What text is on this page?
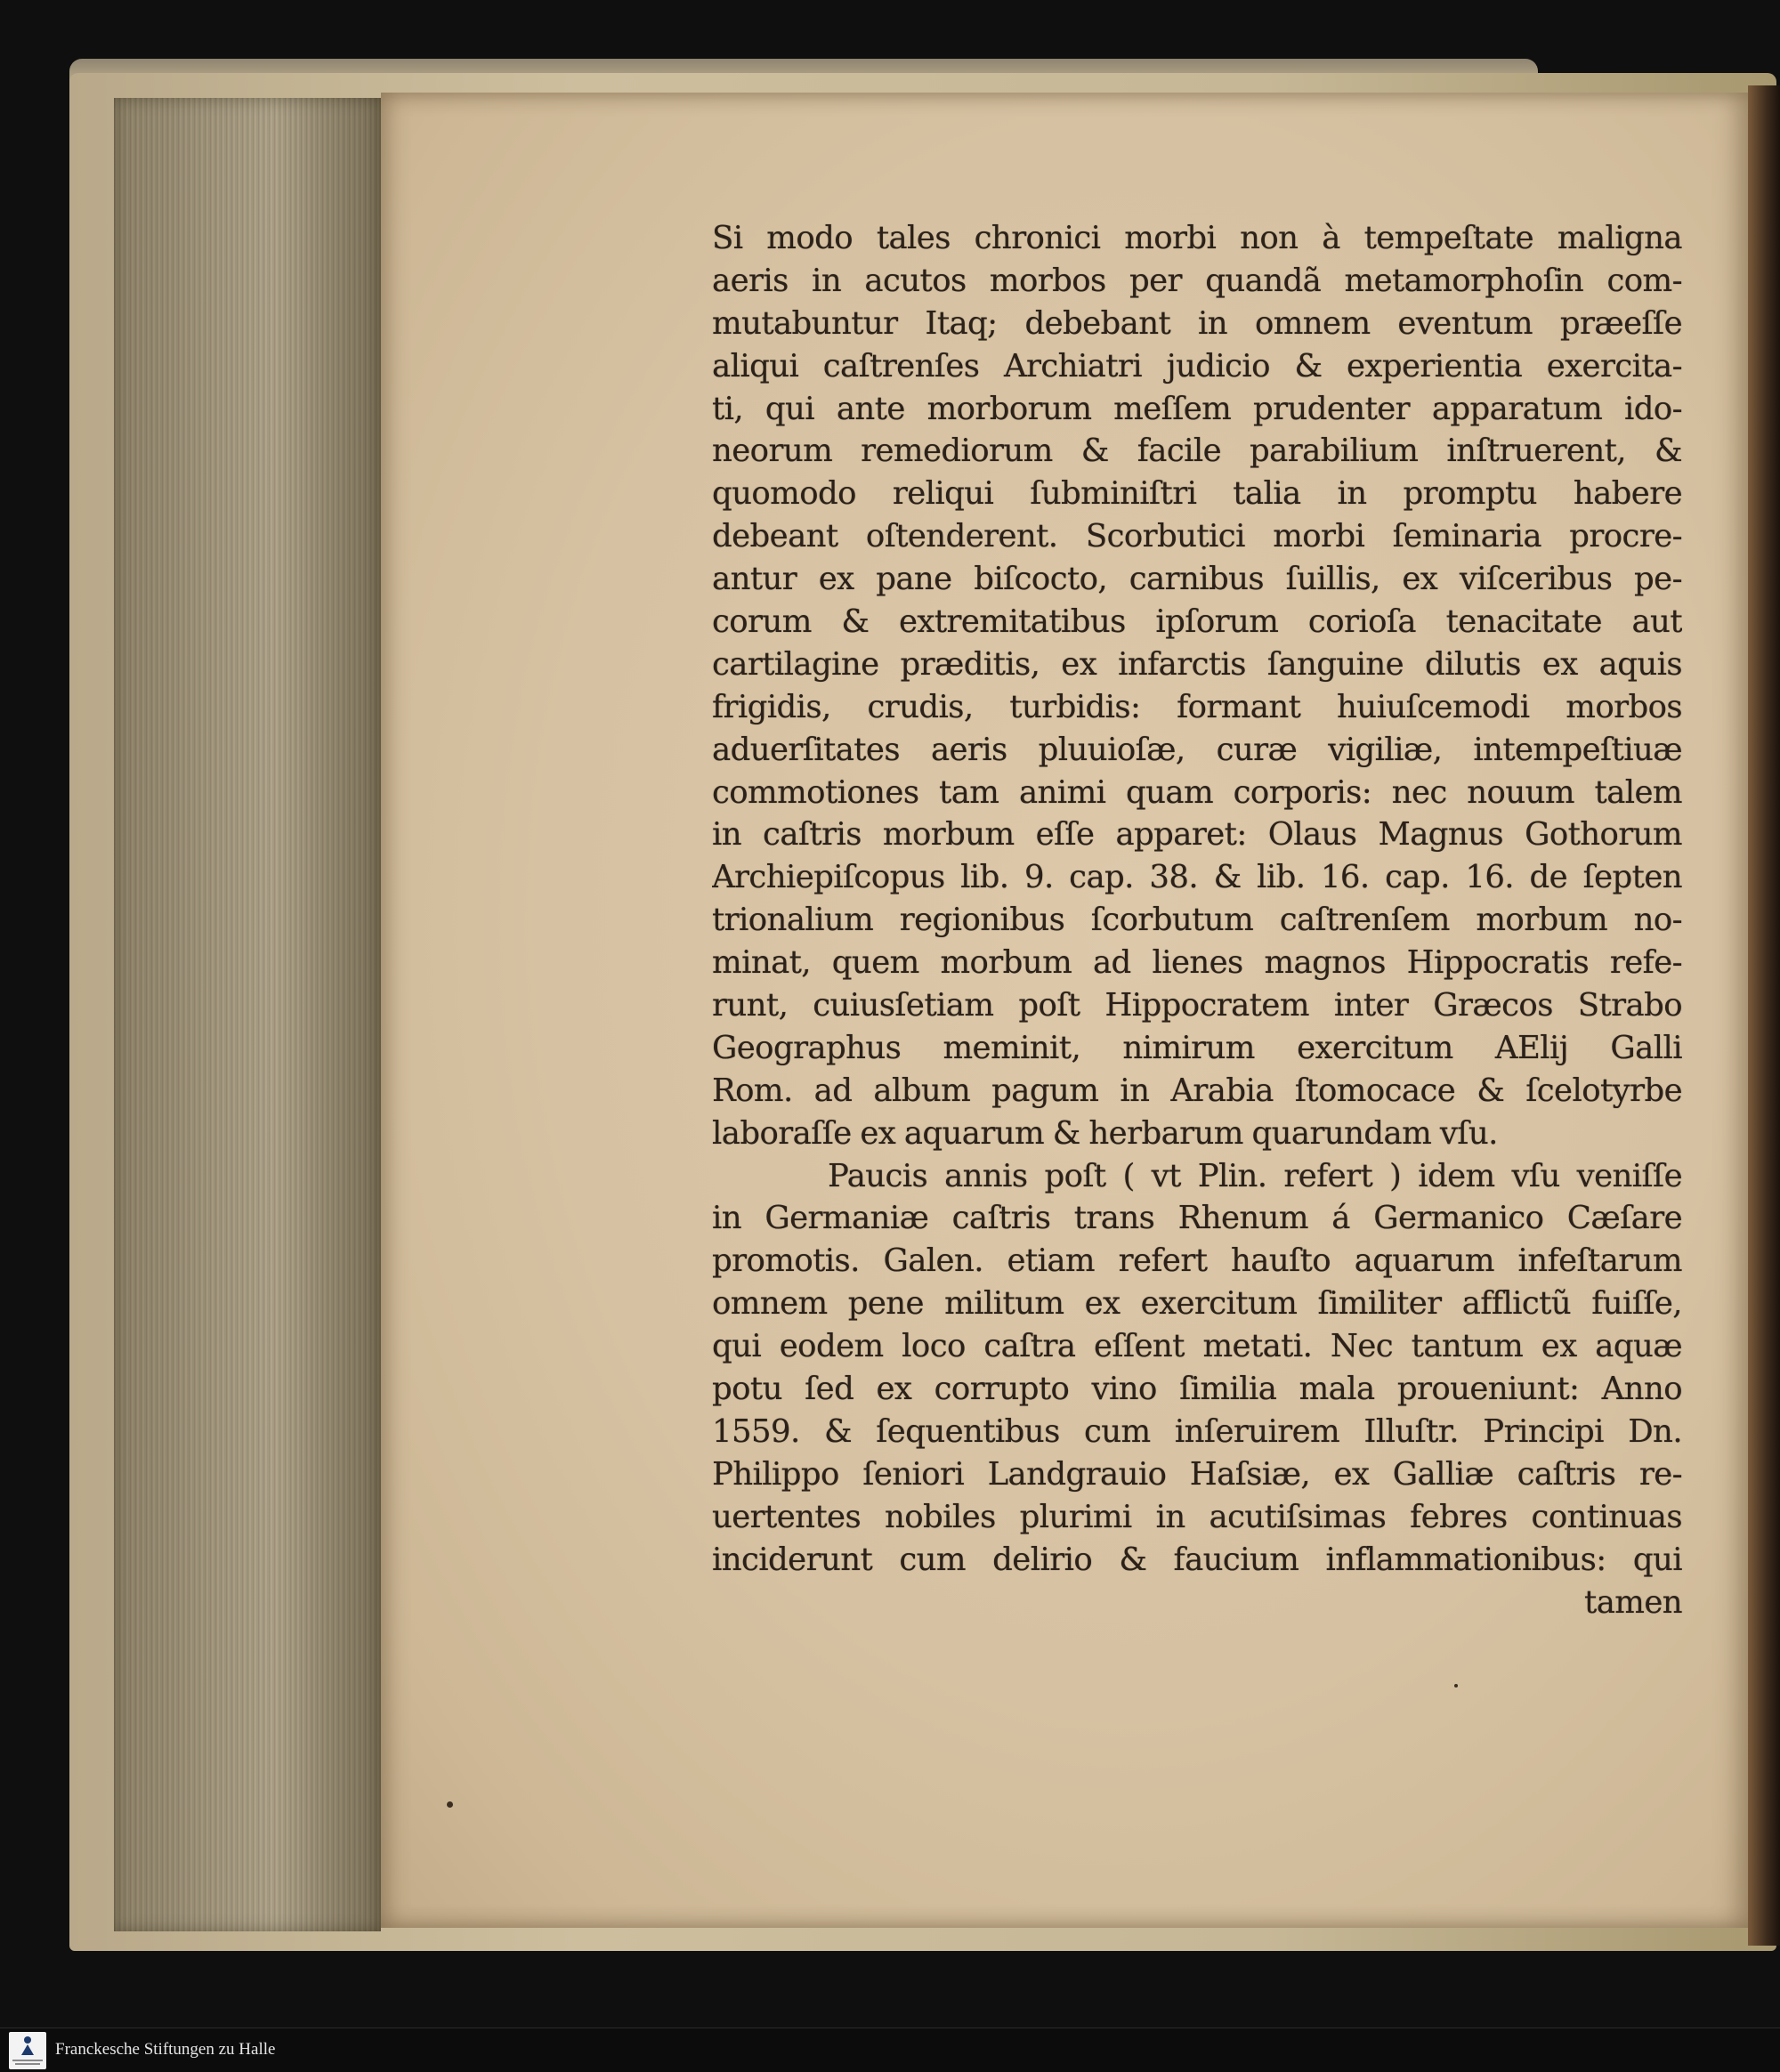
Si modo tales chronici morbi non à tempeſtate maligna
aeris in acutos morbos per quandã metamorphoſin com-
mutabuntur Itaq; debebant in omnem eventum præeſſe
aliqui caſtrenſes Archiatri judicio & experientia exercita-
ti, qui ante morborum meſſem prudenter apparatum ido-
neorum remediorum & facile parabilium inſtruerent, &
quomodo reliqui ſubminiſtri talia in promptu habere
debeant oſtenderent. Scorbutici morbi ſeminaria procre-
antur ex pane biſcocto, carnibus ſuillis, ex viſceribus pe-
corum & extremitatibus ipſorum corioſa tenacitate aut
cartilagine præditis, ex infarctis ſanguine dilutis ex aquis
frigidis, crudis, turbidis: formant huiuſcemodi morbos
aduerſitates aeris pluuioſæ, curæ vigiliæ, intempeſtiuæ
commotiones tam animi quam corporis: nec nouum talem
in caſtris morbum eſſe apparet: Olaus Magnus Gothorum
Archiepiſcopus lib. 9. cap. 38. & lib. 16. cap. 16. de ſepten
trionalium regionibus ſcorbutum caſtrenſem morbum no-
minat, quem morbum ad lienes magnos Hippocratis refe-
runt, cuiusſetiam poſt Hippocratem inter Græcos Strabo
Geographus meminit, nimirum exercitum AElij Galli
Rom. ad album pagum in Arabia ſtomocace & ſcelotyrbe
laboraſſe ex aquarum & herbarum quarundam vſu.
Paucis annis poſt ( vt Plin. refert ) idem vſu veniſſe
in Germaniæ caſtris trans Rhenum á Germanico Cæſare
promotis. Galen. etiam refert hauſto aquarum infeſtarum
omnem pene militum ex exercitum ſimiliter afflictũ fuiſſe,
qui eodem loco caſtra eſſent metati. Nec tantum ex aquæ
potu ſed ex corrupto vino ſimilia mala proueniunt: Anno
1559. & ſequentibus cum inſeruirem Illuſtr. Principi Dn.
Philippo ſeniori Landgrauio Haſsiæ, ex Galliæ caſtris re-
uertentes nobiles plurimi in acutiſsimas febres continuas
inciderunt cum delirio & faucium inflammationibus: qui
tamen
Franckesche Stiftungen zu Halle
